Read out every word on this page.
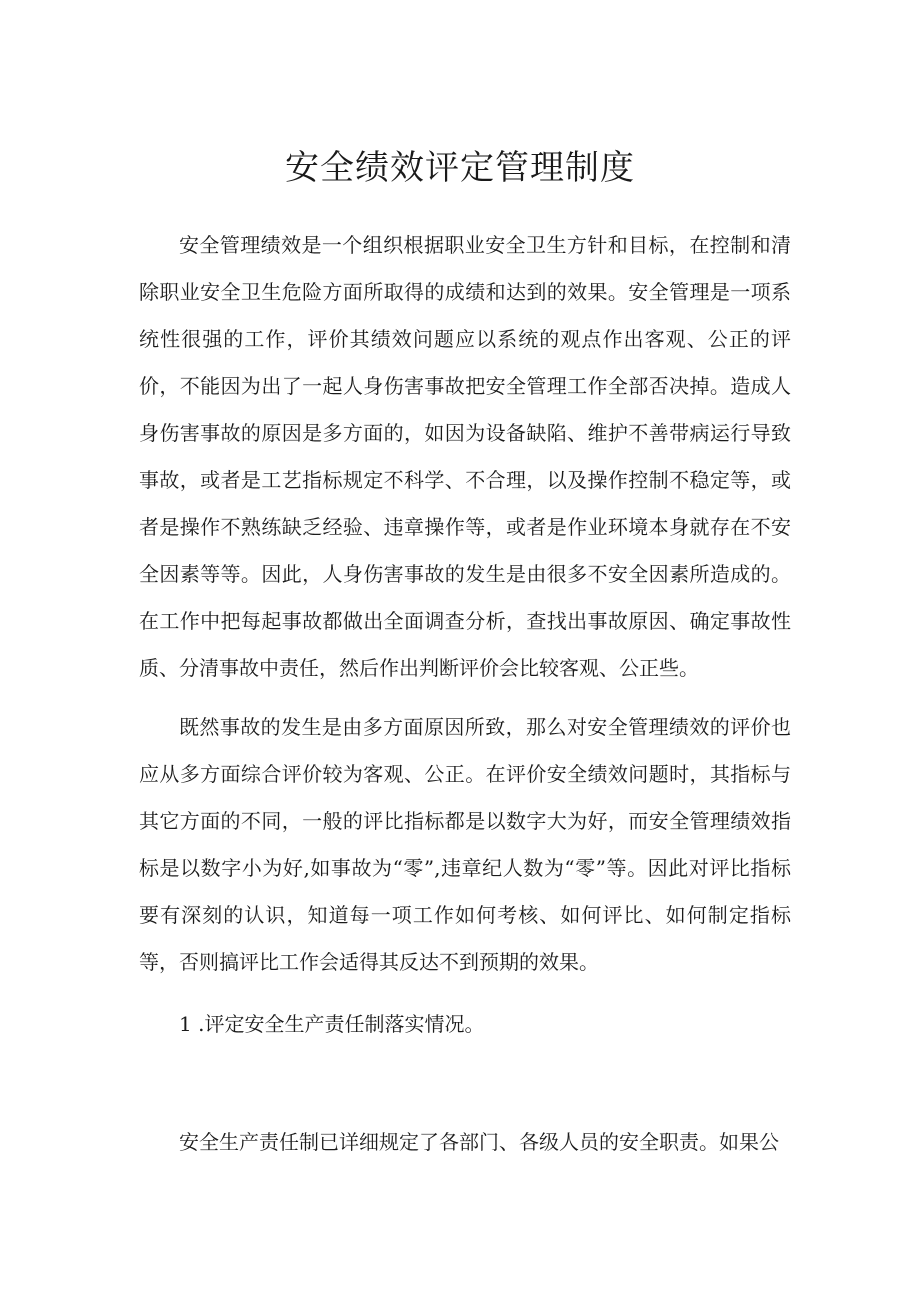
安全绩效评定管理制度

安全管理绩效是一个组织根据职业安全卫生方针和目标，在控制和清除职业安全卫生危险方面所取得的成绩和达到的效果。安全管理是一项系统性很强的工作，评价其绩效问题应以系统的观点作出客观、公正的评价，不能因为出了一起人身伤害事故把安全管理工作全部否决掉。造成人身伤害事故的原因是多方面的，如因为设备缺陷、维护不善带病运行导致事故，或者是工艺指标规定不科学、不合理，以及操作控制不稳定等，或者是操作不熟练缺乏经验、违章操作等，或者是作业环境本身就存在不安全因素等等。因此，人身伤害事故的发生是由很多不安全因素所造成的。在工作中把每起事故都做出全面调查分析，查找出事故原因、确定事故性质、分清事故中责任，然后作出判断评价会比较客观、公正些。

既然事故的发生是由多方面原因所致，那么对安全管理绩效的评价也应从多方面综合评价较为客观、公正。在评价安全绩效问题时，其指标与其它方面的不同，一般的评比指标都是以数字大为好，而安全管理绩效指标是以数字小为好,如事故为“零”,违章纪人数为“零”等。因此对评比指标要有深刻的认识，知道每一项工作如何考核、如何评比、如何制定指标等，否则搞评比工作会适得其反达不到预期的效果。

1 .评定安全生产责任制落实情况。

安全生产责任制已详细规定了各部门、各级人员的安全职责。如果公
